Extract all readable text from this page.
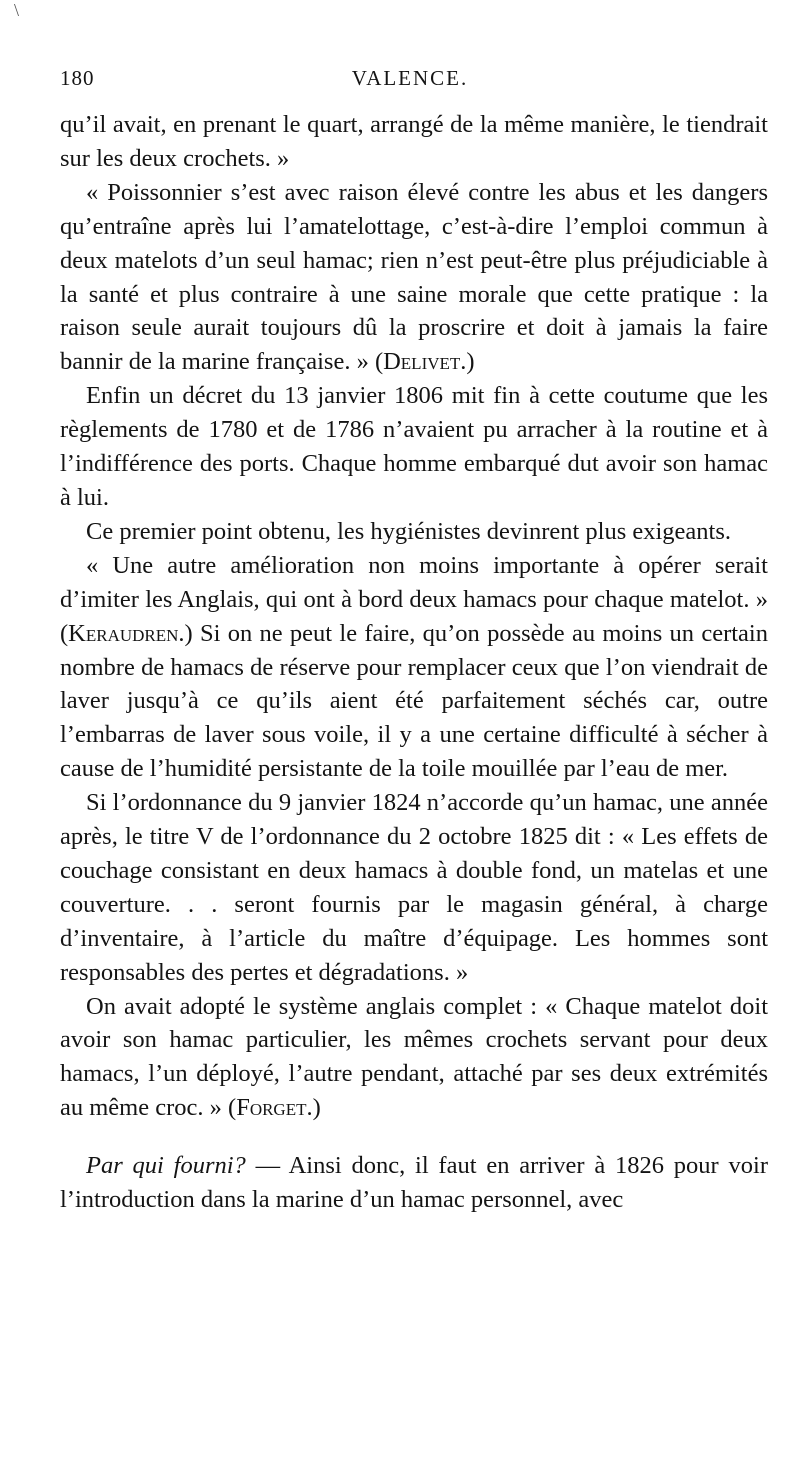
\
180	VALENCE.

qu’il avait, en prenant le quart, arrangé de la même manière, le tiendrait sur les deux crochets. »

« Poissonnier s’est avec raison élevé contre les abus et les dangers qu’entraîne après lui l’amatelottage, c’est-à-dire l’emploi commun à deux matelots d’un seul hamac; rien n’est peut-être plus préjudiciable à la santé et plus contraire à une saine morale que cette pratique : la raison seule aurait toujours dû la proscrire et doit à jamais la faire bannir de la marine française. » (Delivet.)

Enfin un décret du 13 janvier 1806 mit fin à cette coutume que les règlements de 1780 et de 1786 n’avaient pu arracher à la routine et à l’indifférence des ports. Chaque homme embarqué dut avoir son hamac à lui.

Ce premier point obtenu, les hygiénistes devinrent plus exigeants.

« Une autre amélioration non moins importante à opérer serait d’imiter les Anglais, qui ont à bord deux hamacs pour chaque matelot. » (Keraudren.) Si on ne peut le faire, qu’on possède au moins un certain nombre de hamacs de réserve pour remplacer ceux que l’on viendrait de laver jusqu’à ce qu’ils aient été parfaitement séchés car, outre l’embarras de laver sous voile, il y a une certaine difficulté à sécher à cause de l’humidité persistante de la toile mouillée par l’eau de mer.

Si l’ordonnance du 9 janvier 1824 n’accorde qu’un hamac, une année après, le titre V de l’ordonnance du 2 octobre 1825 dit : « Les effets de couchage consistant en deux hamacs à double fond, un matelas et une couverture. . . seront fournis par le magasin général, à charge d’inventaire, à l’article du maître d’équipage. Les hommes sont responsables des pertes et dégradations. »

On avait adopté le système anglais complet : « Chaque matelot doit avoir son hamac particulier, les mêmes crochets servant pour deux hamacs, l’un déployé, l’autre pendant, attaché par ses deux extrémités au même croc. » (Forget.)

Par qui fourni? — Ainsi donc, il faut en arriver à 1826 pour voir l’introduction dans la marine d’un hamac personnel, avec
